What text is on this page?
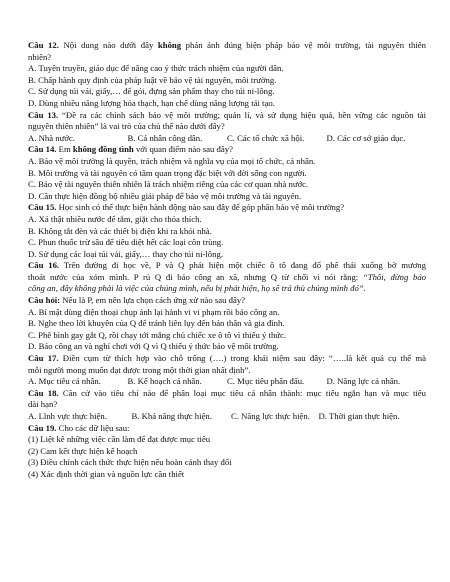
Câu 12. Nội dung nào dưới đây không phản ánh đúng biện pháp bảo vệ môi trường, tài nguyên thiên
nhiên?
A. Tuyên truyền, giáo dục để nâng cao ý thức trách nhiệm của người dân.
B. Chấp hành quy định của pháp luật về bảo vệ tài nguyên, môi trường.
C. Sử dụng túi vải, giấy,… để gói, đựng sản phẩm thay cho túi ni-lông.
D. Dùng nhiều năng lượng hóa thạch, hạn chế dùng năng lượng tái tạo.
Câu 13. “Đề ra các chính sách bảo vệ môi trường; quản lí, và sử dụng hiệu quả, bền vững các nguồn tài
nguyên thiên nhiên” là vai trò của chủ thể nào dưới đây?
A. Nhà nước.	B. Cá nhân công dân.	C. Các tổ chức xã hội.	D. Các cơ sở giáo dục.
Câu 14. Em không đồng tình với quan điểm nào sau đây?
A. Bảo vệ môi trường là quyền, trách nhiệm và nghĩa vụ của mọi tổ chức, cá nhân.
B. Môi trường và tài nguyên có tầm quan trọng đặc biệt với đời sống con người.
C. Bảo vệ tài nguyên thiên nhiên là trách nhiệm riêng của các cơ quan nhà nước.
D. Cần thực hiện đồng bộ nhiều giải pháp để bảo vệ môi trường và tài nguyên.
Câu 15. Học sinh có thể thực hiện hành động nào sau đây để góp phần bảo vệ môi trường?
A. Xả thật nhiều nước để tắm, giặt cho thỏa thích.
B. Không tắt đèn và các thiết bị điện khi ra khỏi nhà.
C. Phun thuốc trừ sâu để tiêu diệt hết các loại côn trùng.
D. Sử dụng các loại túi vải, giấy,… thay cho túi ni-lông.
Câu 16. Trên đường đi học về, P và Q phát hiện một chiếc ô tô đang đổ phế thải xuống bờ mương
thoát nước của xóm mình. P rủ Q đi báo công an xã, nhưng Q từ chối vì nói rằng: “Thôi, đừng báo
công an, đây không phải là việc của chúng mình, nếu bị phát hiện, họ sẽ trả thù chúng mình đó”.
Câu hỏi: Nếu là P, em nên lựa chọn cách ứng xử nào sau đây?
A. Bí mật dùng điện thoại chụp ảnh lại hành vi vi phạm rồi báo công an.
B. Nghe theo lời khuyên của Q để tránh liên lụy đến bản thân và gia đình.
C. Phê bình gay gắt Q, rồi chạy tới mắng chủ chiếc xe ô tô vì thiếu ý thức.
D. Báo công an và nghỉ chơi với Q vì Q thiếu ý thức bảo vệ môi trường.
Câu 17. Điền cụm từ thích hợp vào chỗ trống (….) trong khái niệm sau đây: “…..là kết quả cụ thể mà
mỗi người mong muốn đạt được trong một thời gian nhất định”.
A. Mục tiêu cá nhân.	B. Kế hoạch cá nhân.	C. Mục tiêu phấn đấu.	D. Năng lực cá nhân.
Câu 18. Căn cứ vào tiêu chí nào để phân loại mục tiêu cá nhân thành: mục tiêu ngắn hạn và mục tiêu
dài hạn?
A. Lĩnh vực thực hiện.	B. Khả năng thực hiện.	C. Năng lực thực hiện. D. Thời gian thực hiện.
Câu 19. Cho các dữ liệu sau:
(1) Liệt kê những việc cần làm để đạt được mục tiêu
(2) Cam kết thực hiện kế hoạch
(3) Điều chỉnh cách thức thực hiện nếu hoàn cảnh thay đổi
(4) Xác định thời gian và nguồn lực cần thiết
